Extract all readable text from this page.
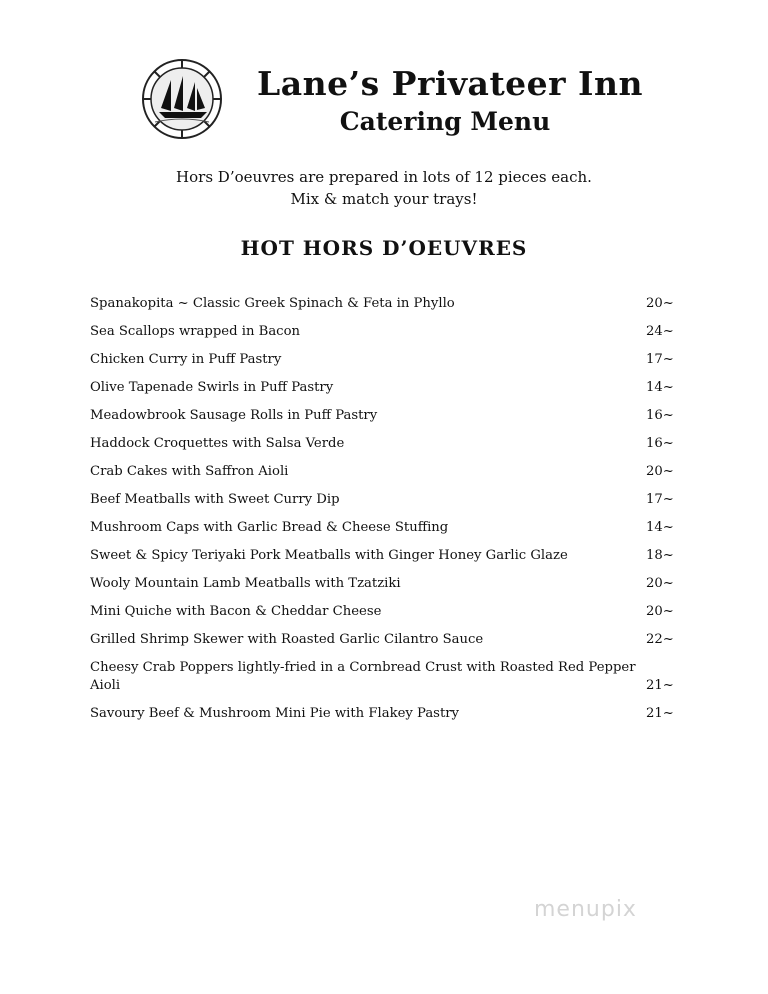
Lane’s Privateer Inn
Catering Menu
Hors D’oeuvres are prepared in lots of 12 pieces each.
Mix & match your trays!
HOT HORS D’OEUVRES
Spanakopita ~ Classic Greek Spinach & Feta in Phyllo	20~
Sea Scallops wrapped in Bacon	24~
Chicken Curry in Puff Pastry	17~
Olive Tapenade Swirls in Puff Pastry	14~
Meadowbrook Sausage Rolls in Puff Pastry	16~
Haddock Croquettes with Salsa Verde	16~
Crab Cakes with Saffron Aioli	20~
Beef Meatballs with Sweet Curry Dip	17~
Mushroom Caps with Garlic Bread & Cheese Stuffing	14~
Sweet & Spicy Teriyaki Pork Meatballs with Ginger Honey Garlic Glaze	18~
Wooly Mountain Lamb Meatballs with Tzatziki	20~
Mini Quiche with Bacon & Cheddar Cheese	20~
Grilled Shrimp Skewer with Roasted Garlic Cilantro Sauce	22~
Cheesy Crab Poppers lightly-fried in a Cornbread Crust with Roasted Red Pepper Aioli	21~
Savoury Beef & Mushroom Mini Pie with Flakey Pastry	21~
menupix
